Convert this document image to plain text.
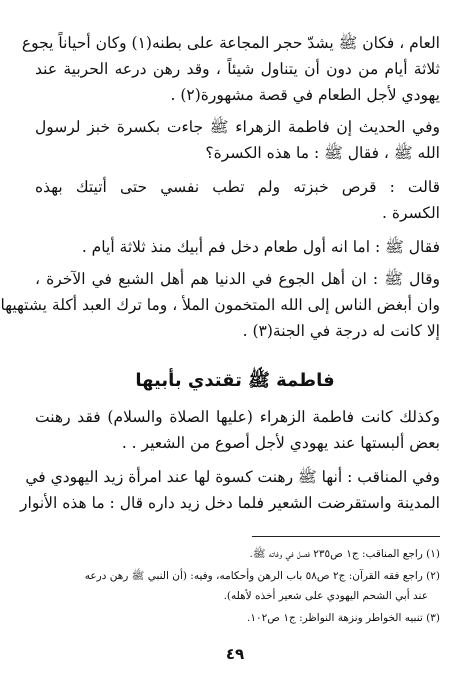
العام ، فكان ﷺ يشدّ حجر المجاعة على بطنه(١) وكان أحياناً يجوع
ثلاثة أيام من دون أن يتناول شيئاً ، وقد رهن درعه الحربية عند
يهودي لأجل الطعام في قصة مشهورة(٢) .
وفي الحديث إن فاطمة الزهراء ﷺ جاءت بكسرة خبز لرسول
الله ﷺ ، فقال ﷺ : ما هذه الكسرة؟
قالت : قرص خبزته ولم تطب نفسي حتى أتيتك بهذه
الكسرة .
فقال ﷺ : اما انه أول طعام دخل فم أبيك منذ ثلاثة أيام .
وقال ﷺ : ان أهل الجوع في الدنيا هم أهل الشبع في الآخرة ،
وان أبغض الناس إلى الله المتخمون الملأ ، وما ترك العبد أكلة يشتهيها
إلا كانت له درجة في الجنة(٣) .
فاطمة ﷺ تقتدي بأبيها
وكذلك كانت فاطمة الزهراء (عليها الصلاة والسلام) فقد رهنت
بعض ألبستها عند يهودي لأجل أصوع من الشعير . .
وفي المناقب : أنها ﷺ رهنت كسوة لها عند امرأة زيد اليهودي في
المدينة واستقرضت الشعير فلما دخل زيد داره قال : ما هذه الأنوار
(١) راجع المناقب: ج١ ص٢٣٥ فصل في وفاته ﷺ.
(٢) راجع فقه القرآن: ج٢ ص٥٨ باب الرهن وأحكامه، وفيه: (أن النبي ﷺ رهن درعه
عند أبي الشحم اليهودي على شعير أخذه لأهله).
(٣) تنبيه الخواطر ونزهة النواظر: ج١ ص١٠٢.
٤٩
